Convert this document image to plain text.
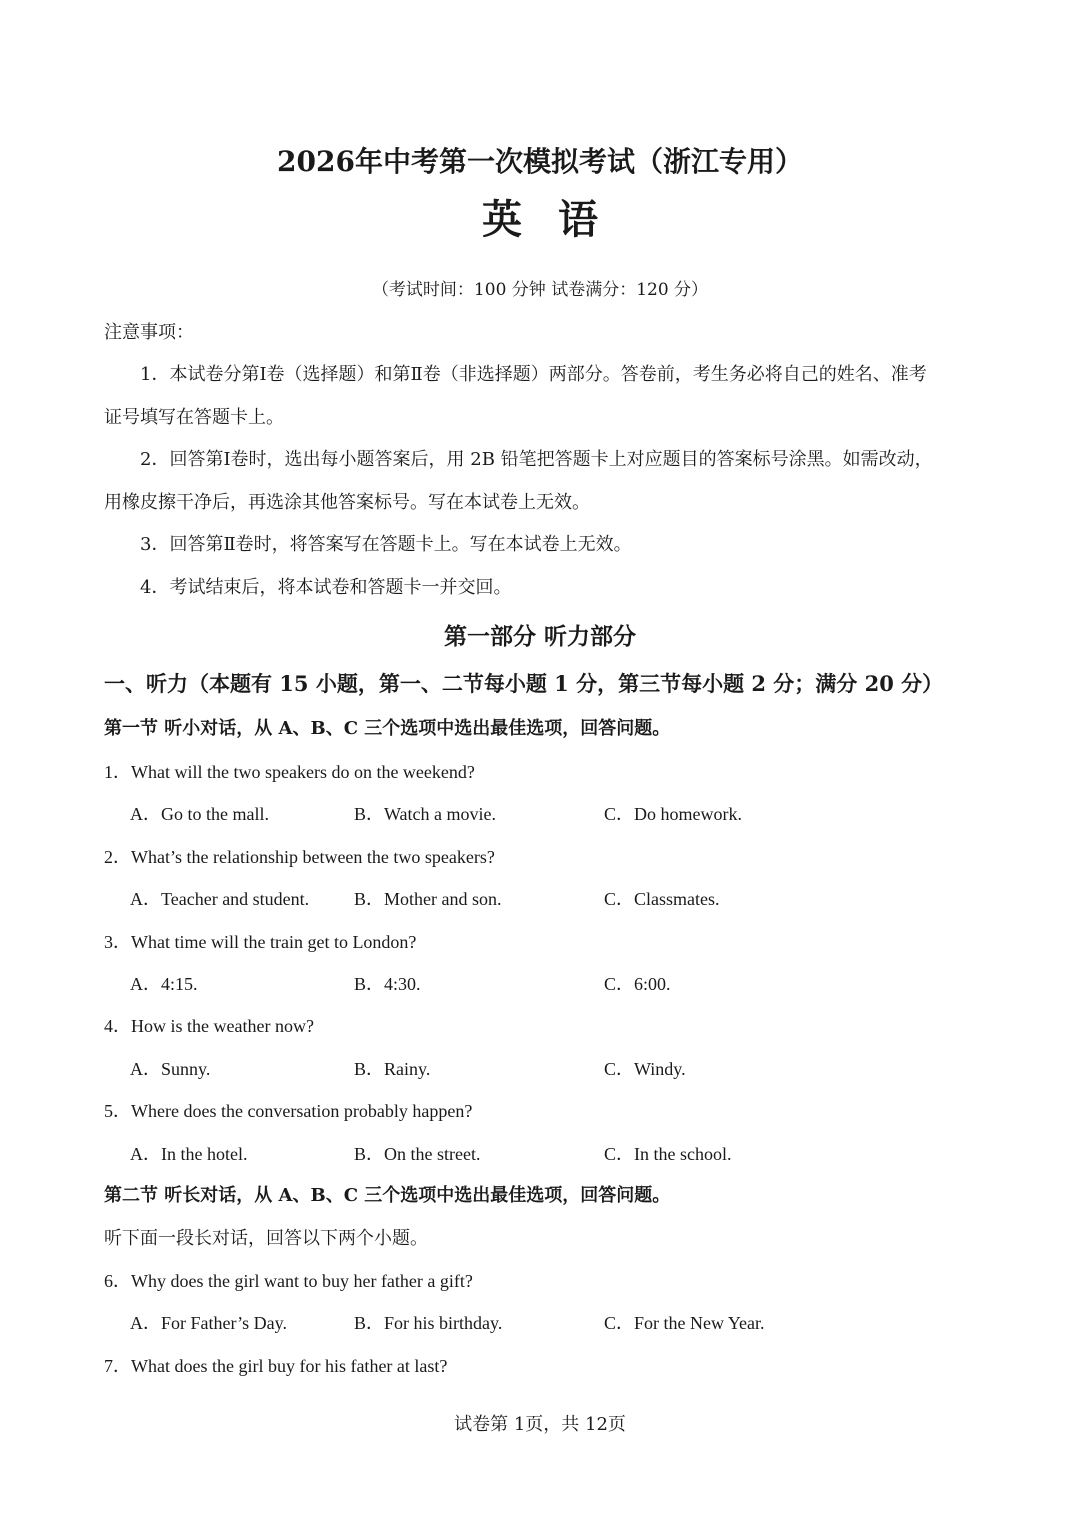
2026年中考第一次模拟考试（浙江专用）
英 语
（考试时间：100 分钟 试卷满分：120 分）
注意事项：
1．本试卷分第Ⅰ卷（选择题）和第Ⅱ卷（非选择题）两部分。答卷前，考生务必将自己的姓名、准考
证号填写在答题卡上。
2．回答第Ⅰ卷时，选出每小题答案后，用 2B 铅笔把答题卡上对应题目的答案标号涂黑。如需改动，
用橡皮擦干净后，再选涂其他答案标号。写在本试卷上无效。
3．回答第Ⅱ卷时，将答案写在答题卡上。写在本试卷上无效。
4．考试结束后，将本试卷和答题卡一并交回。
第一部分 听力部分
一、听力（本题有 15 小题，第一、二节每小题 1 分，第三节每小题 2 分；满分 20 分）
第一节 听小对话，从 A、B、C 三个选项中选出最佳选项，回答问题。
1．What will the two speakers do on the weekend?
A．Go to the mall.	B．Watch a movie.	C．Do homework.
2．What’s the relationship between the two speakers?
A．Teacher and student. B．Mother and son.	C．Classmates.
3．What time will the train get to London?
A．4:15.	B．4:30.	C．6:00.
4．How is the weather now?
A．Sunny.	B．Rainy.	C．Windy.
5．Where does the conversation probably happen?
A．In the hotel.	B．On the street.	C．In the school.
第二节 听长对话，从 A、B、C 三个选项中选出最佳选项，回答问题。
听下面一段长对话，回答以下两个小题。
6．Why does the girl want to buy her father a gift?
A．For Father’s Day.	B．For his birthday.	C．For the New Year.
7．What does the girl buy for his father at last?
试卷第 1页，共 12页
